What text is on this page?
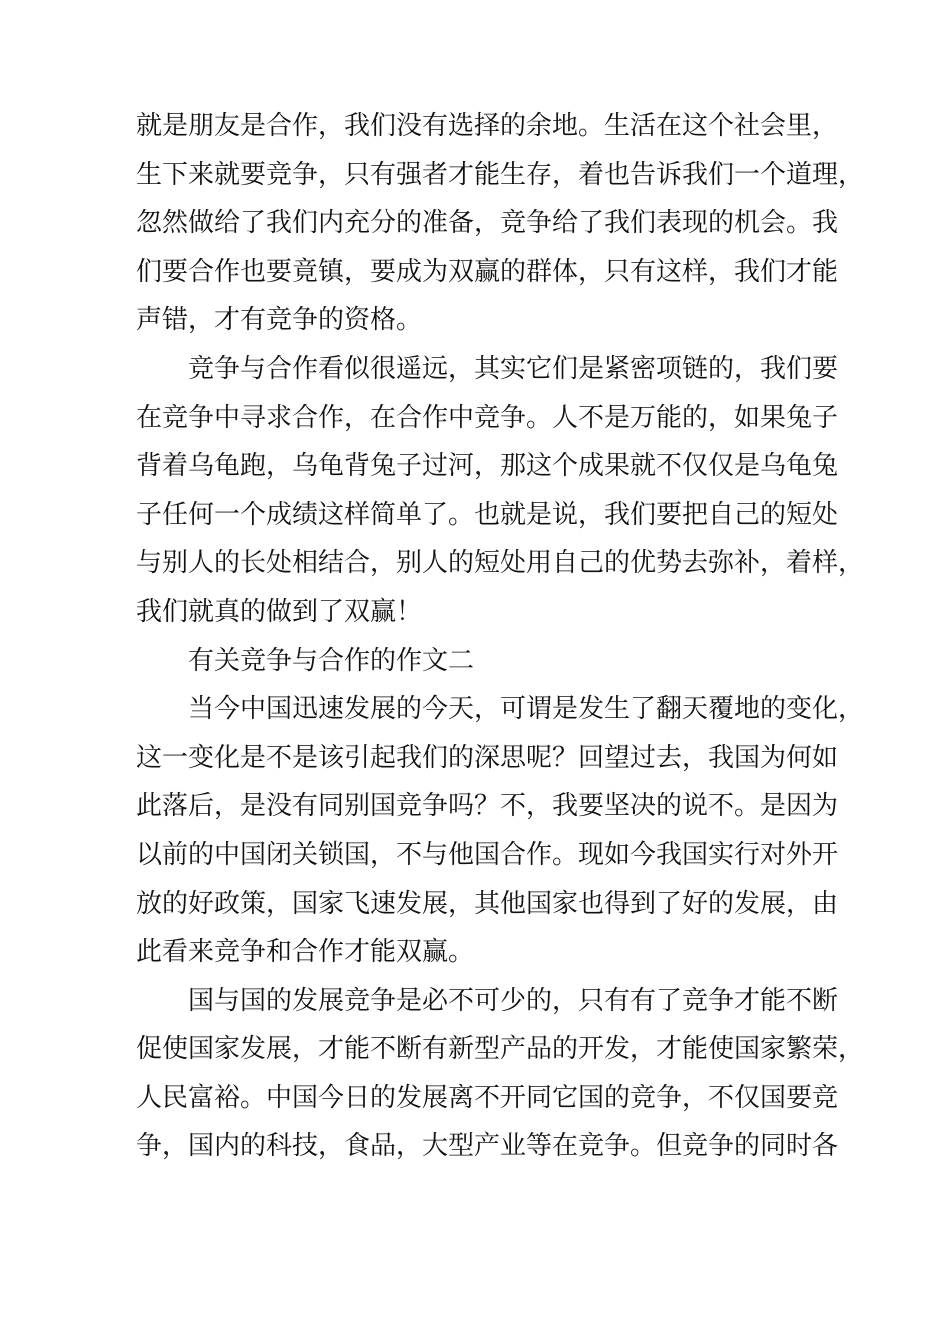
就是朋友是合作，我们没有选择的余地。生活在这个社会里，
生下来就要竞争，只有强者才能生存，着也告诉我们一个道理，
忽然做给了我们内充分的准备，竞争给了我们表现的机会。我
们要合作也要竟镇，要成为双赢的群体，只有这样，我们才能
声错，才有竞争的资格。
竞争与合作看似很遥远，其实它们是紧密项链的，我们要
在竞争中寻求合作，在合作中竞争。人不是万能的，如果兔子
背着乌龟跑，乌龟背兔子过河，那这个成果就不仅仅是乌龟兔
子任何一个成绩这样简单了。也就是说，我们要把自己的短处
与别人的长处相结合，别人的短处用自己的优势去弥补，着样，
我们就真的做到了双赢！
有关竞争与合作的作文二
当今中国迅速发展的今天，可谓是发生了翻天覆地的变化，
这一变化是不是该引起我们的深思呢？回望过去，我国为何如
此落后，是没有同别国竞争吗？不，我要坚决的说不。是因为
以前的中国闭关锁国，不与他国合作。现如今我国实行对外开
放的好政策，国家飞速发展，其他国家也得到了好的发展，由
此看来竞争和合作才能双赢。
国与国的发展竞争是必不可少的，只有有了竞争才能不断
促使国家发展，才能不断有新型产品的开发，才能使国家繁荣，
人民富裕。中国今日的发展离不开同它国的竞争，不仅国要竞
争，国内的科技，食品，大型产业等在竞争。但竞争的同时各
